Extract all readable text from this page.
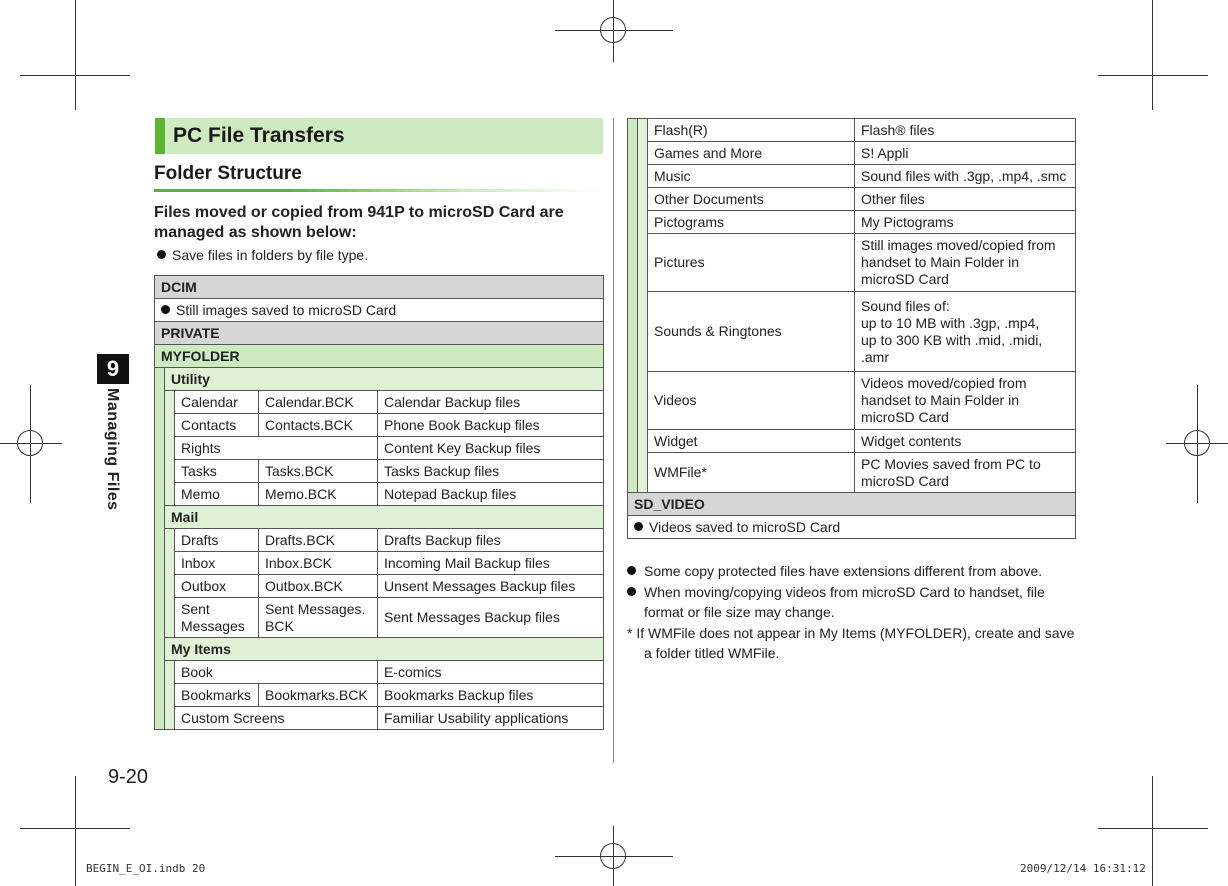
9
Managing Files
9-20
PC File Transfers
Folder Structure
Files moved or copied from 941P to microSD Card are managed as shown below:
Save files in folders by file type.
DCIM				
Still images saved to microSD Card				
PRIVATE				
MYFOLDER				
	Utility			
		Calendar	Calendar.BCK	Calendar Backup files
		Contacts	Contacts.BCK	Phone Book Backup files
		Rights		Content Key Backup files
		Tasks	Tasks.BCK	Tasks Backup files
		Memo	Memo.BCK	Notepad Backup files
	Mail			
		Drafts	Drafts.BCK	Drafts Backup files
		Inbox	Inbox.BCK	Incoming Mail Backup files
		Outbox	Outbox.BCK	Unsent Messages Backup files
		Sent Messages	Sent Messages. BCK	Sent Messages Backup files
	My Items			
		Book		E-comics
		Bookmarks	Bookmarks.BCK	Bookmarks Backup files
		Custom Screens		Familiar Usability applications
		Flash(R)	Flash® files
		Games and More	S! Appli
		Music	Sound files with .3gp, .mp4, .smc
		Other Documents	Other files
		Pictograms	My Pictograms
		Pictures	Still images moved/copied from handset to Main Folder in microSD Card
		Sounds & Ringtones	Sound files of:
up to 10 MB with .3gp, .mp4,
up to 300 KB with .mid, .midi, .amr
		Videos	Videos moved/copied from handset to Main Folder in microSD Card
		Widget	Widget contents
		WMFile*	PC Movies saved from PC to microSD Card
SD_VIDEO			
Videos saved to microSD Card			

Some copy protected files have extensions different from above.

When moving/copying videos from microSD Card to handset, file format or file size may change.

* If WMFile does not appear in My Items (MYFOLDER), create and save a folder titled WMFile.

BEGIN_E_OI.indb 20	2009/12/14 16:31:12
